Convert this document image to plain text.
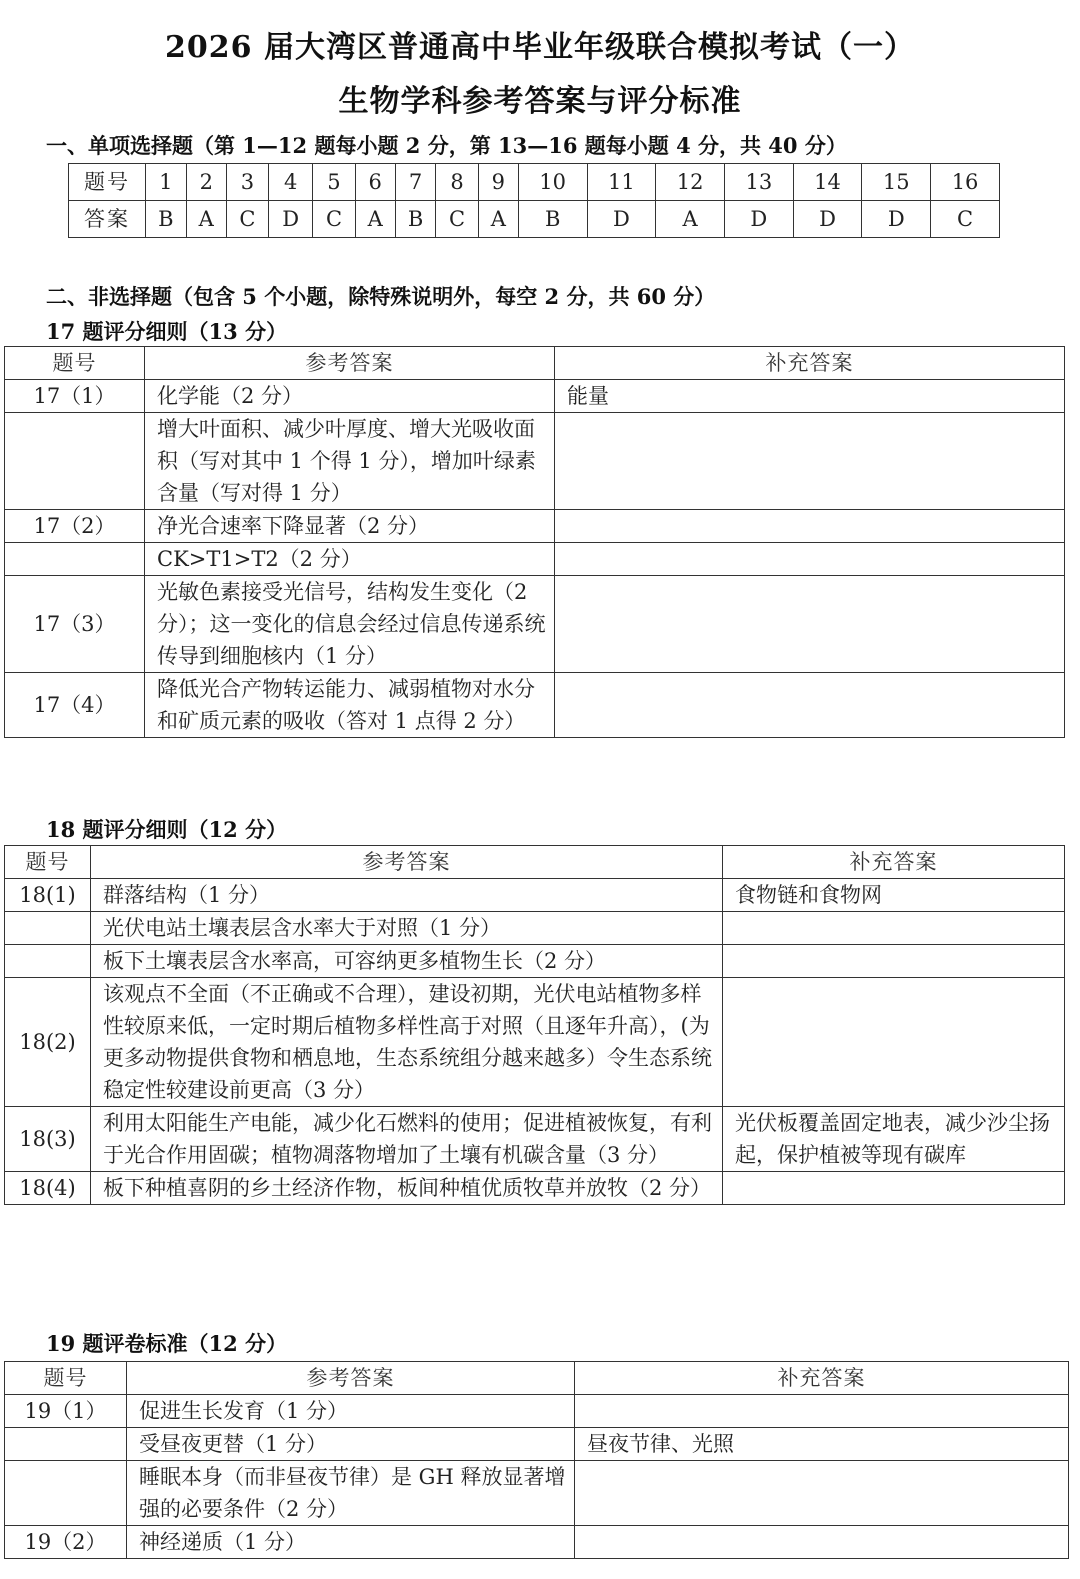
2026 届大湾区普通高中毕业年级联合模拟考试（一）
生物学科参考答案与评分标准
一、单项选择题（第 1—12 题每小题 2 分，第 13—16 题每小题 4 分，共 40 分）
题号	1	2	3	4	5	6	7	8	9	10	11	12	13	14	15	16
答案	B	A	C	D	C	A	B	C	A	B	D	A	D	D	D	C
二、非选择题（包含 5 个小题，除特殊说明外，每空 2 分，共 60 分）
17 题评分细则（13 分）
题号	参考答案	补充答案
17（1）	化学能（2 分）	能量
	增大叶面积、减少叶厚度、增大光吸收面积（写对其中 1 个得 1 分），增加叶绿素含量（写对得 1 分）	
17（2）	净光合速率下降显著（2 分）	
	CK>T1>T2（2 分）	
17（3）	光敏色素接受光信号，结构发生变化（2 分）；这一变化的信息会经过信息传递系统传导到细胞核内（1 分）	
17（4）	降低光合产物转运能力、减弱植物对水分和矿质元素的吸收（答对 1 点得 2 分）	
18 题评分细则（12 分）
题号	参考答案	补充答案
18(1)	群落结构（1 分）	食物链和食物网
	光伏电站土壤表层含水率大于对照（1 分）	
	板下土壤表层含水率高，可容纳更多植物生长（2 分）	
18(2)	该观点不全面（不正确或不合理），建设初期，光伏电站植物多样性较原来低，一定时期后植物多样性高于对照（且逐年升高），(为更多动物提供食物和栖息地，生态系统组分越来越多）令生态系统稳定性较建设前更高（3 分）	
18(3)	利用太阳能生产电能，减少化石燃料的使用；促进植被恢复，有利于光合作用固碳；植物凋落物增加了土壤有机碳含量（3 分）	光伏板覆盖固定地表，减少沙尘扬起，保护植被等现有碳库
18(4)	板下种植喜阴的乡土经济作物，板间种植优质牧草并放牧（2 分）	
19 题评卷标准（12 分）
题号	参考答案	补充答案
19（1）	促进生长发育（1 分）	
	受昼夜更替（1 分）	昼夜节律、光照
	睡眠本身（而非昼夜节律）是 GH 释放显著增强的必要条件（2 分）	
19（2）	神经递质（1 分）	
